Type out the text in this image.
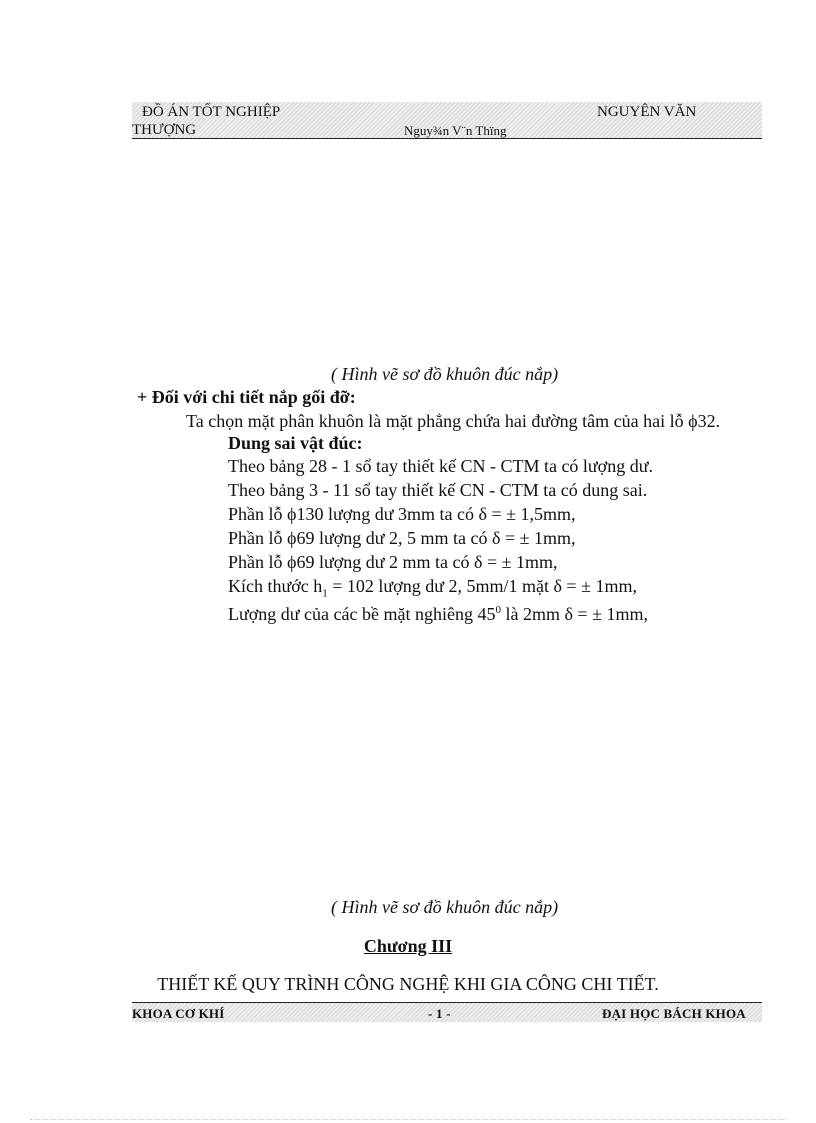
ĐỒ ÁN TỐT NGHIỆP
THƯỢNG	Nguy¾n V¨n Thïng
NGUYÊN VĂN
( Hình vẽ sơ đồ khuôn đúc nắp)
+ Đối với chi tiết nắp gối đỡ:
Ta chọn mặt phân khuôn là mặt phẳng chứa hai đường tâm của hai lỗ ϕ32.
Dung sai vật đúc:
Theo bảng 28 - 1 sổ tay thiết kế CN - CTM ta có lượng dư.
Theo bảng 3 - 11 sổ tay thiết kế CN - CTM ta có dung sai.
Phần lỗ ϕ130 lượng dư 3mm ta có δ = ± 1,5mm,
Phần lỗ ϕ69 lượng dư 2, 5 mm ta có δ = ± 1mm,
Phần lỗ ϕ69 lượng dư 2 mm ta có δ = ± 1mm,
Kích thước $h_1 = 102$ lượng dư 2, 5mm/1 mặt δ = ± 1mm,
Lượng dư của các bề mặt nghiêng $45^0$ là 2mm δ = ± 1mm,
( Hình vẽ sơ đồ khuôn đúc nắp)
Chương III
THIẾT KẾ QUY TRÌNH CÔNG NGHỆ KHI GIA CÔNG CHI TIẾT.
KHOA CƠ KHÍ	- 1 -	ĐẠI HỌC BÁCH KHOA
